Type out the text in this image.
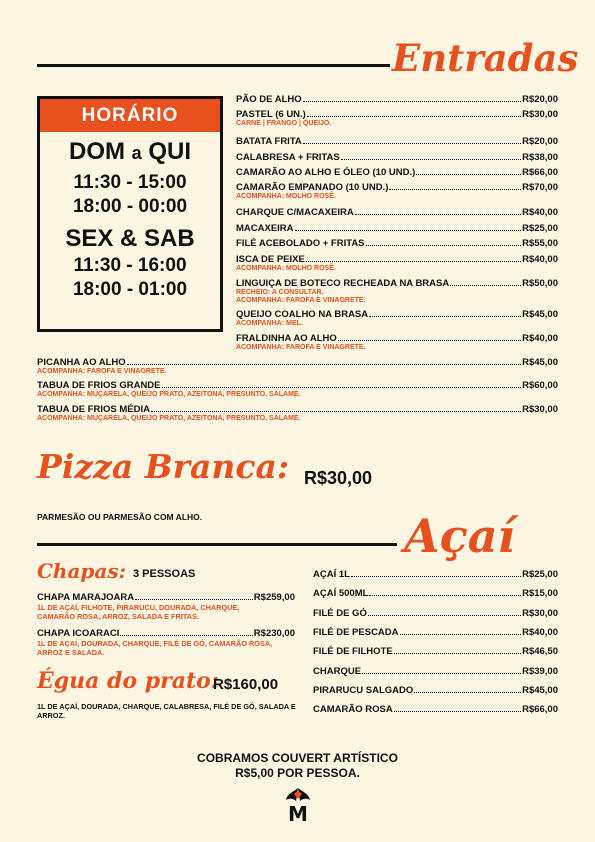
Entradas
HORÁRIO
DOM a QUI
11:30 - 15:00
18:00 - 00:00
SEX & SAB
11:30 - 16:00
18:00 - 01:00
PÃO DE ALHO	R$20,00
PASTEL (6 UN.)	R$30,00
CARNE | FRANGO | QUEIJO.
BATATA FRITA	R$20,00
CALABRESA + FRITAS	R$38,00
CAMARÃO AO ALHO E ÓLEO (10 UND.)	R$66,00
CAMARÃO EMPANADO (10 UND.)	R$70,00
ACOMPANHA: MOLHO ROSÊ.
CHARQUE C/MACAXEIRA	R$40,00
MACAXEIRA	R$25,00
FILÉ ACEBOLADO + FRITAS	R$55,00
ISCA DE PEIXE	R$40,00
ACOMPANHA: MOLHO ROSÊ.
LINGUIÇA DE BOTECO RECHEADA NA BRASA	R$50,00
RECHEIO: A CONSULTAR.
ACOMPANHA: FAROFA E VINAGRETE.
QUEIJO COALHO NA BRASA	R$45,00
ACOMPANHA: MEL.
FRALDINHA AO ALHO	R$40,00
ACOMPANHA: FAROFA E VINAGRETE.
PICANHA AO ALHO	R$45,00
ACOMPANHA: FAROFA E VINAGRETE.
TABUA DE FRIOS GRANDE	R$60,00
ACOMPANHA: MUÇARELA, QUEIJO PRATO, AZEITONA, PRESUNTO, SALAME.
TABUA DE FRIOS MÉDIA	R$30,00
ACOMPANHA: MUÇARELA, QUEIJO PRATO, AZEITONA, PRESUNTO, SALAME.
Pizza Branca: R$30,00
PARMESÃO OU PARMESÃO COM ALHO.	Açaí
Chapas: 3 PESSOAS
CHAPA MARAJOARA	R$259,00
1L DE AÇAÍ, FILHOTE, PIRARUCU, DOURADA, CHARQUE, CAMARÃO ROSA, ARROZ, SALADA E FRITAS.
CHAPA ICOARACI	R$230,00
1L DE AÇAÍ, DOURADA, CHARQUE, FILÉ DE GÓ, CAMARÃO ROSA, ARROZ E SALADA.
Égua do prato:
R$160,00
1L DE AÇAÍ, DOURADA, CHARQUE, CALABRESA, FILÉ DE GÓ, SALADA E ARROZ.
AÇAÍ 1L	R$25,00
AÇAÍ 500ML	R$15,00
FILÉ DE GÓ	R$30,00
FILÉ DE PESCADA	R$40,00
FILÉ DE FILHOTE	R$46,50
CHARQUE	R$39,00
PIRARUCU SALGADO	R$45,00
CAMARÃO ROSA	R$66,00
COBRAMOS COUVERT ARTÍSTICO
R$5,00 POR PESSOA.
M
